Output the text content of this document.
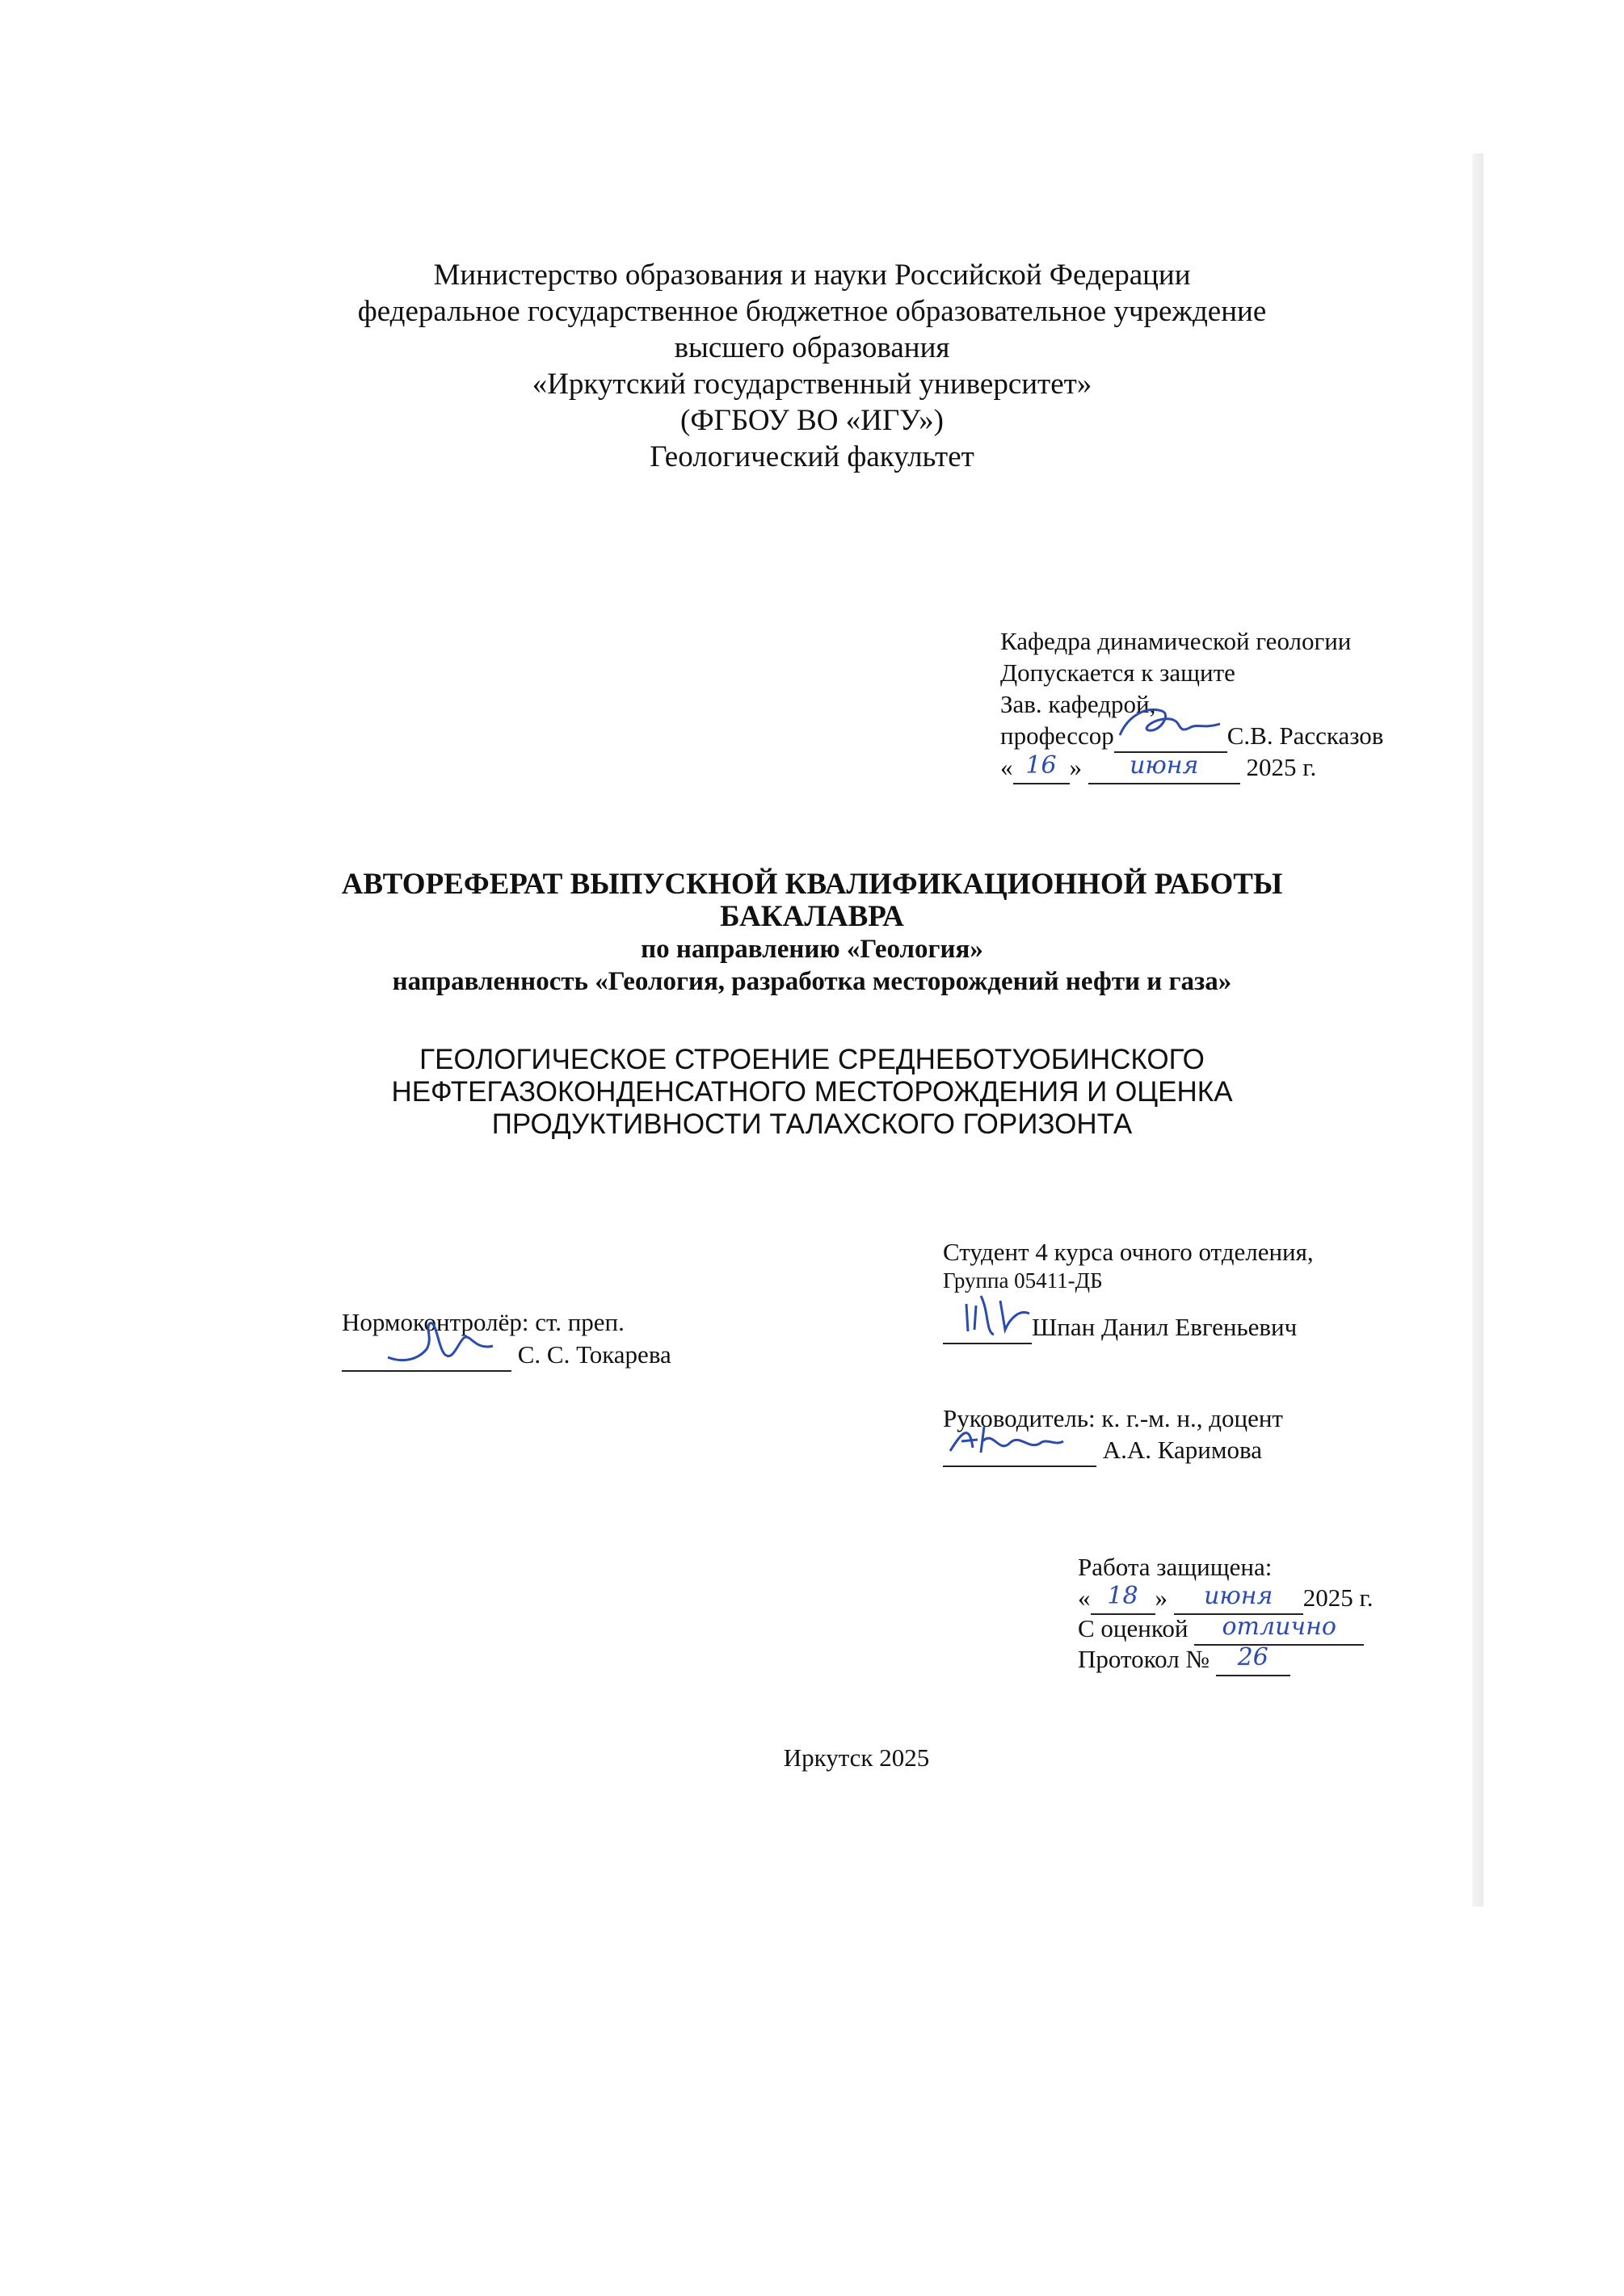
Министерство образования и науки Российской Федерации
федеральное государственное бюджетное образовательное учреждение
высшего образования
«Иркутский государственный университет»
(ФГБОУ ВО «ИГУ»)
Геологический факультет
Кафедра динамической геологии
Допускается к защите
Зав. кафедрой,
профессор	С.В. Рассказов
« 16 »	июня	2025 г.
АВТОРЕФЕРАТ ВЫПУСКНОЙ КВАЛИФИКАЦИОННОЙ РАБОТЫ
БАКАЛАВРА
по направлению «Геология»
направленность «Геология, разработка месторождений нефти и газа»
ГЕОЛОГИЧЕСКОЕ СТРОЕНИЕ СРЕДНЕБОТУОБИНСКОГО
НЕФТЕГАЗОКОНДЕНСАТНОГО МЕСТОРОЖДЕНИЯ И ОЦЕНКА
ПРОДУКТИВНОСТИ ТАЛАХСКОГО ГОРИЗОНТА
Студент 4 курса очного отделения,
Группа 05411-ДБ
Шпан Данил Евгеньевич
Нормоконтролёр: ст. преп.
С. С. Токарева
Руководитель: к. г.-м. н., доцент
А.А. Каримова
Работа защищена:
« 18 »	июня	2025 г.
С оценкой	отлично
Протокол №	26
Иркутск 2025
